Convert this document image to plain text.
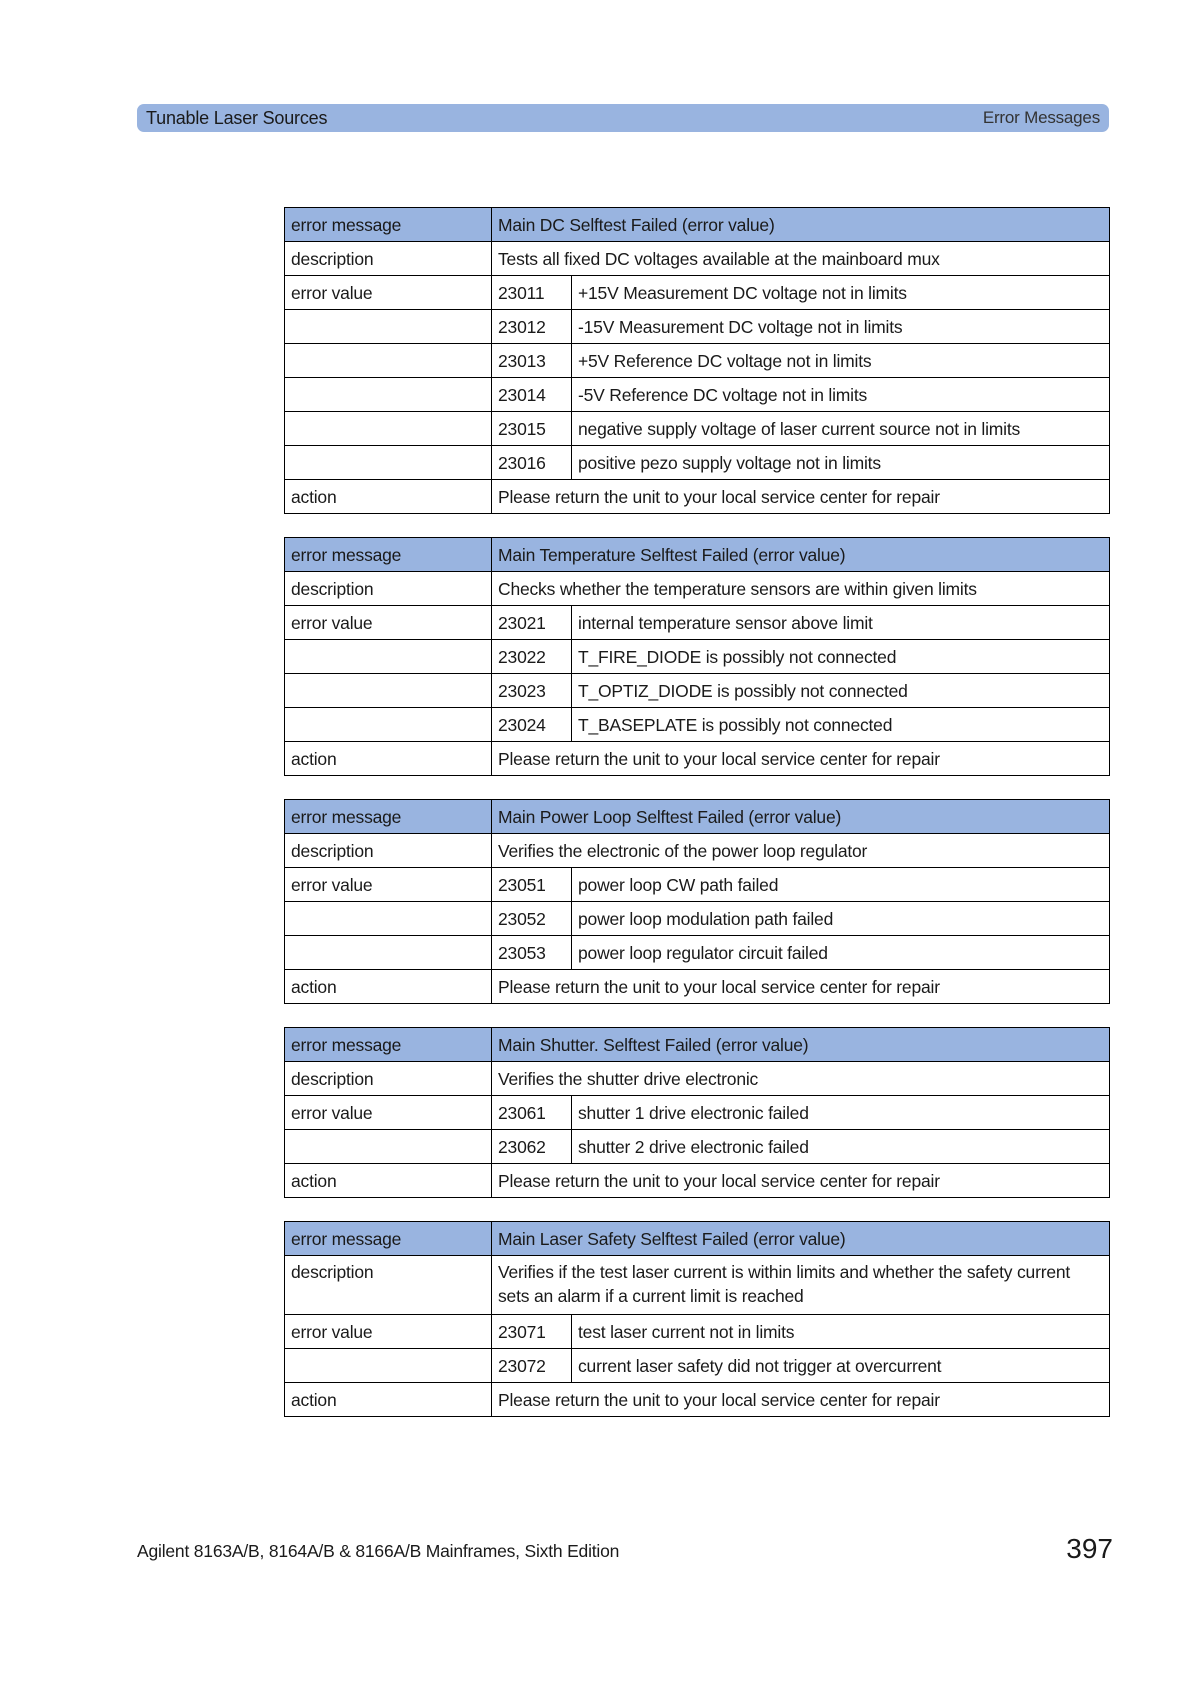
Tunable Laser Sources	Error Messages
error message	Main DC Selftest Failed (error value)	
description	Tests all fixed DC voltages available at the mainboard mux	
error value	23011	+15V Measurement DC voltage not in limits
	23012	-15V Measurement DC voltage not in limits
	23013	+5V Reference DC voltage not in limits
	23014	-5V Reference DC voltage not in limits
	23015	negative supply voltage of laser current source not in limits
	23016	positive pezo supply voltage not in limits
action	Please return the unit to your local service center for repair	
error message	Main Temperature Selftest Failed (error value)	
description	Checks whether the temperature sensors are within given limits	
error value	23021	internal temperature sensor above limit
	23022	T_FIRE_DIODE is possibly not connected
	23023	T_OPTIZ_DIODE is possibly not connected
	23024	T_BASEPLATE is possibly not connected
action	Please return the unit to your local service center for repair	
error message	Main Power Loop Selftest Failed (error value)	
description	Verifies the electronic of the power loop regulator	
error value	23051	power loop CW path failed
	23052	power loop modulation path failed
	23053	power loop regulator circuit failed
action	Please return the unit to your local service center for repair	
error message	Main Shutter. Selftest Failed (error value)	
description	Verifies the shutter drive electronic	
error value	23061	shutter 1 drive electronic failed
	23062	shutter 2 drive electronic failed
action	Please return the unit to your local service center for repair	
error message	Main Laser Safety Selftest Failed (error value)	
description	Verifies if the test laser current is within limits and whether the safety current sets an alarm if a current limit is reached	
error value	23071	test laser current not in limits
	23072	current laser safety did not trigger at overcurrent
action	Please return the unit to your local service center for repair	
Agilent 8163A/B, 8164A/B & 8166A/B Mainframes, Sixth Edition	397
